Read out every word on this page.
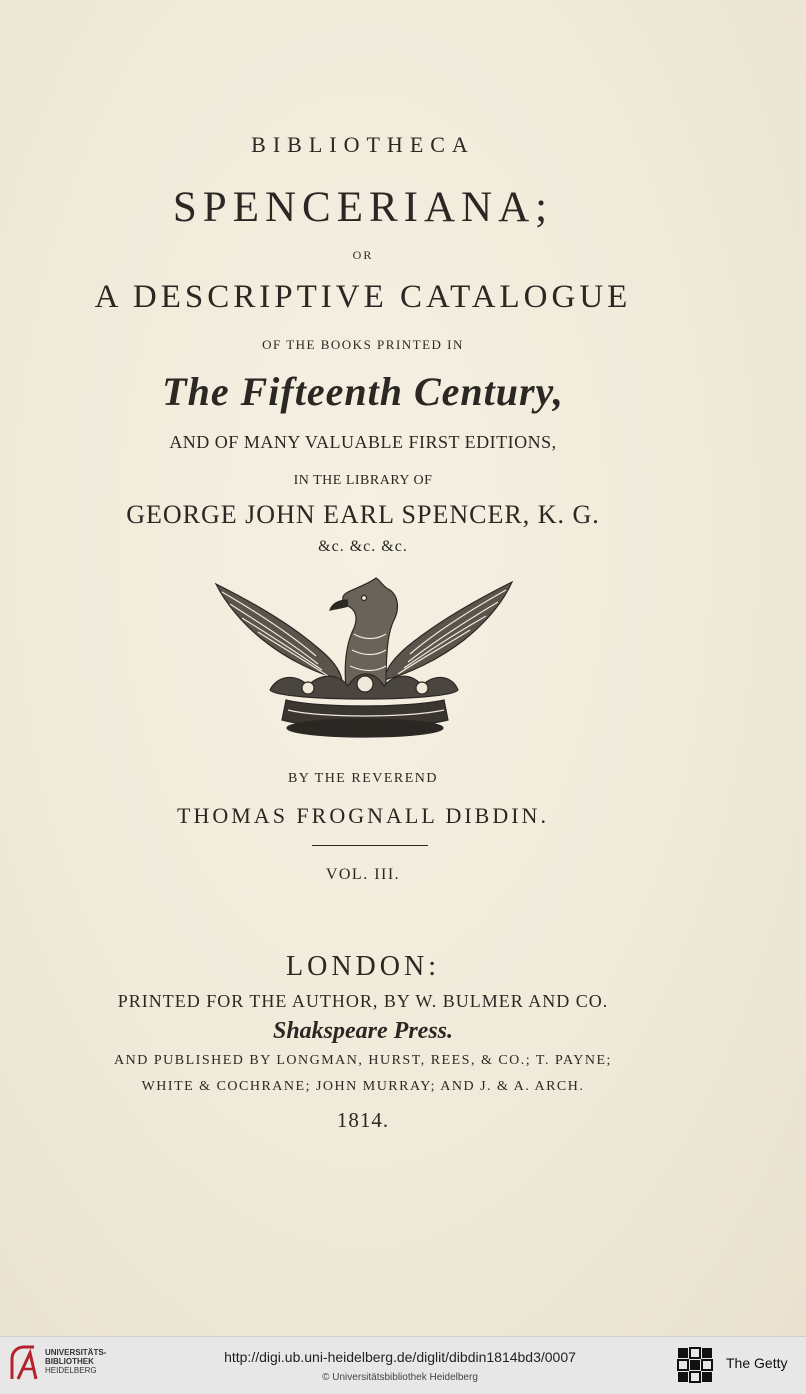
BIBLIOTHECA
SPENCERIANA;
OR
A DESCRIPTIVE CATALOGUE
OF THE BOOKS PRINTED IN
The Fifteenth Century,
AND OF MANY VALUABLE FIRST EDITIONS,
IN THE LIBRARY OF
GEORGE JOHN EARL SPENCER, K. G.
&c. &c. &c.
BY THE REVEREND
THOMAS FROGNALL DIBDIN.
VOL. III.
LONDON:
PRINTED FOR THE AUTHOR, BY W. BULMER AND CO.
Shakspeare Press.
AND PUBLISHED BY LONGMAN, HURST, REES, & CO.; T. PAYNE;
WHITE & COCHRANE; JOHN MURRAY; AND J. & A. ARCH.
1814.
UNIVERSITÄTS-
BIBLIOTHEK
HEIDELBERG
http://digi.ub.uni-heidelberg.de/diglit/dibdin1814bd3/0007
© Universitätsbibliothek Heidelberg
The Getty
